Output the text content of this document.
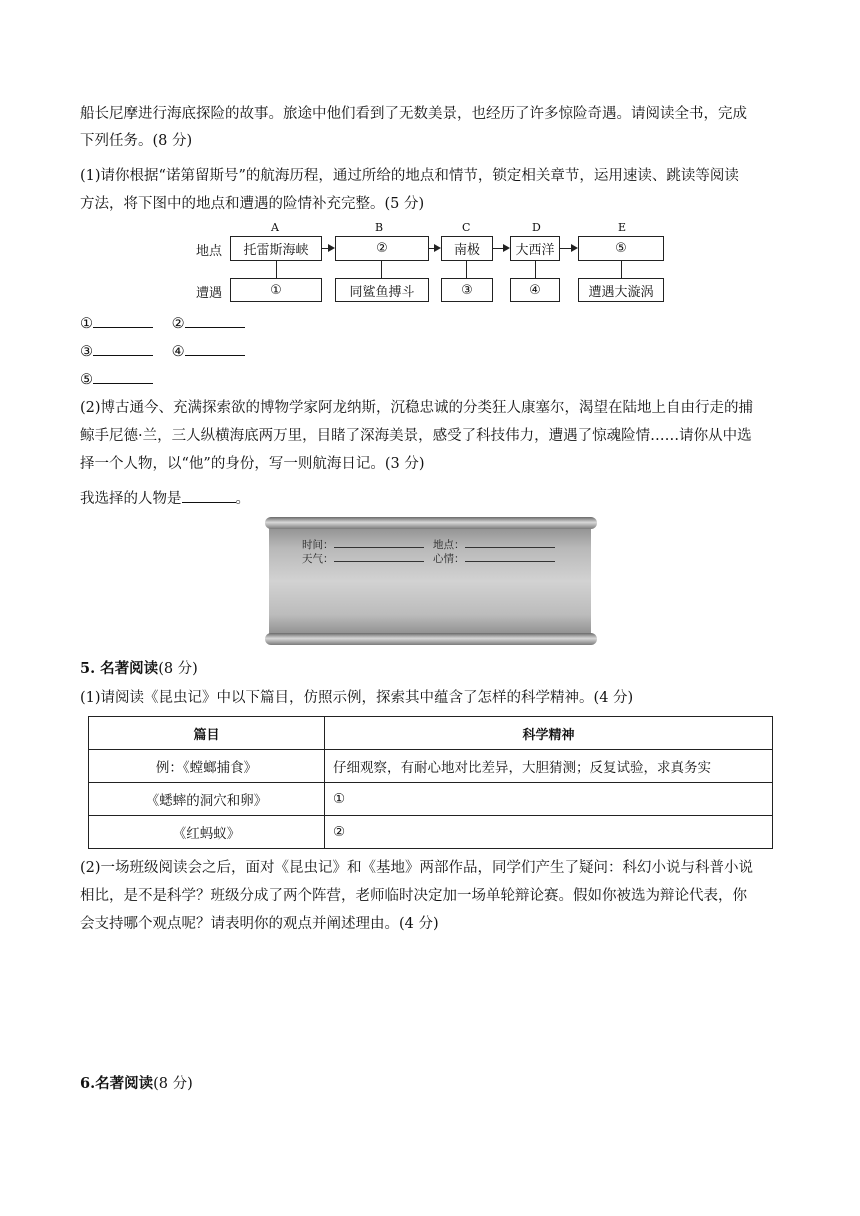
船长尼摩进行海底探险的故事。旅途中他们看到了无数美景，也经历了许多惊险奇遇。请阅读全书，完成
下列任务。(8 分)
(1)请你根据“诺第留斯号”的航海历程，通过所给的地点和情节，锁定相关章节，运用速读、跳读等阅读
方法，将下图中的地点和遭遇的险情补充完整。(5 分)
地点
遭遇
A	B	C	D	E
托雷斯海峡	②	南极	大西洋	⑤
①	同鲨鱼搏斗	③	④	遭遇大漩涡
①	②
③	④
⑤
(2)博古通今、充满探索欲的博物学家阿龙纳斯，沉稳忠诚的分类狂人康塞尔，渴望在陆地上自由行走的捕
鲸手尼德·兰，三人纵横海底两万里，目睹了深海美景，感受了科技伟力，遭遇了惊魂险情……请你从中选
择一个人物，以“他”的身份，写一则航海日记。(3 分)
我选择的人物是	。
时间：	地点：
天气：	心情：
5. 名著阅读(8 分)
(1)请阅读《昆虫记》中以下篇目，仿照示例，探索其中蕴含了怎样的科学精神。(4 分)
篇目	科学精神
例：《螳螂捕食》	仔细观察，有耐心地对比差异，大胆猜测；反复试验，求真务实
《蟋蟀的洞穴和卵》	①
《红蚂蚁》	②
(2)一场班级阅读会之后，面对《昆虫记》和《基地》两部作品，同学们产生了疑问：科幻小说与科普小说
相比，是不是科学？班级分成了两个阵营，老师临时决定加一场单轮辩论赛。假如你被选为辩论代表，你
会支持哪个观点呢？请表明你的观点并阐述理由。(4 分)
6.名著阅读(8 分)
